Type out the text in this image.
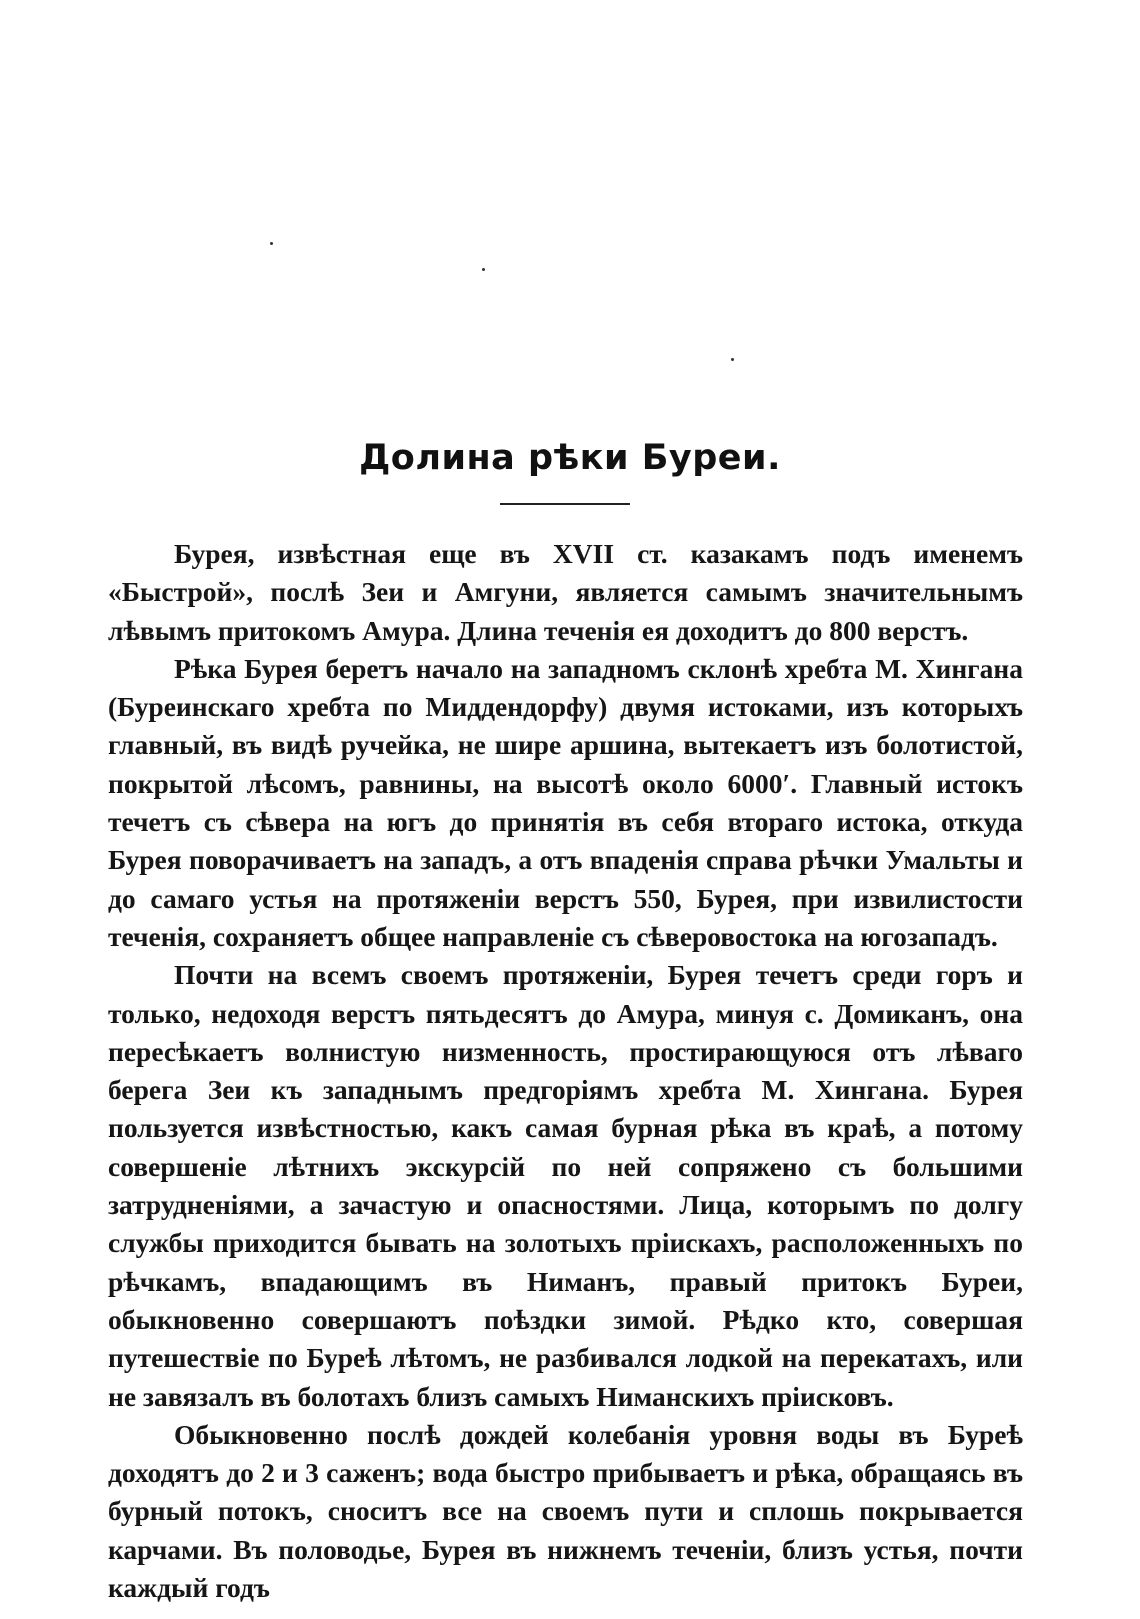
Долина рѣки Буреи.

Бурея, извѣстная еще въ XVII ст. казакамъ подъ именемъ «Быстрой», послѣ Зеи и Амгуни, является самымъ значительнымъ лѣвымъ притокомъ Амура. Длина теченія ея доходитъ до 800 верстъ.

Рѣка Бурея беретъ начало на западномъ склонѣ хребта М. Хингана (Буреинскаго хребта по Миддендорфу) двумя истоками, изъ которыхъ главный, въ видѣ ручейка, не шире аршина, вытекаетъ изъ болотистой, покрытой лѣсомъ, равнины, на высотѣ около 6000′. Главный истокъ течетъ съ сѣвера на югъ до принятія въ себя втораго истока, откуда Бурея поворачиваетъ на западъ, а отъ впаденія справа рѣчки Умальты и до самаго устья на протяженіи верстъ 550, Бурея, при извилистости теченія, сохраняетъ общее направленіе съ сѣверовостока на югозападъ.

Почти на всемъ своемъ протяженіи, Бурея течетъ среди горъ и только, недоходя верстъ пятьдесятъ до Амура, минуя с. Домиканъ, она пересѣкаетъ волнистую низменность, простирающуюся отъ лѣваго берега Зеи къ западнымъ предгоріямъ хребта М. Хингана. Бурея пользуется извѣстностью, какъ самая бурная рѣка въ краѣ, а потому совершеніе лѣтнихъ экскурсій по ней сопряжено съ большими затрудненіями, а зачастую и опасностями. Лица, которымъ по долгу службы приходится бывать на золотыхъ пріискахъ, расположенныхъ по рѣчкамъ, впадающимъ въ Ниманъ, правый притокъ Буреи, обыкновенно совершаютъ поѣздки зимой. Рѣдко кто, совершая путешествіе по Буреѣ лѣтомъ, не разбивался лодкой на перекатахъ, или не завязалъ въ болотахъ близъ самыхъ Ниманскихъ пріисковъ.

Обыкновенно послѣ дождей колебанія уровня воды въ Буреѣ доходятъ до 2 и 3 саженъ; вода быстро прибываетъ и рѣка, обращаясь въ бурный потокъ, сноситъ все на своемъ пути и сплошь покрывается карчами. Въ половодье, Бурея въ нижнемъ теченіи, близъ устья, почти каждый годъ
